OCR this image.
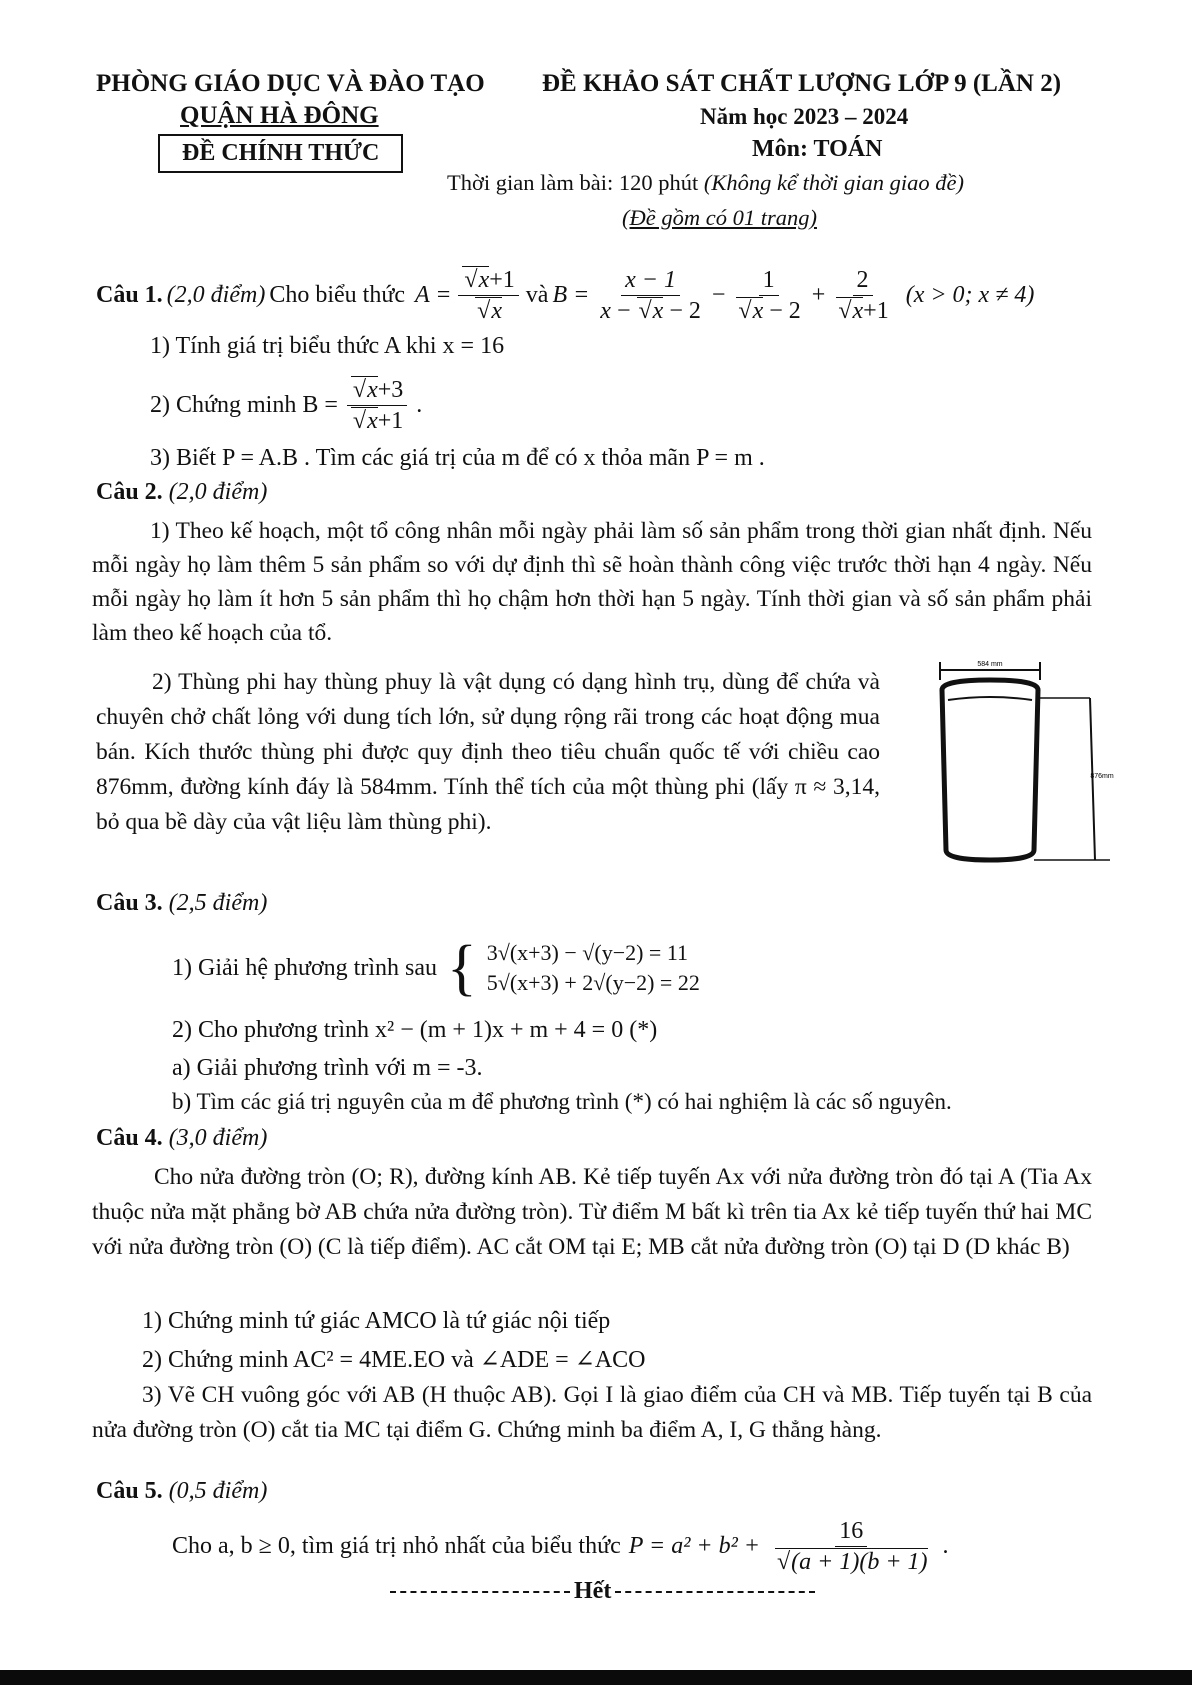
PHÒNG GIÁO DỤC VÀ ĐÀO TẠO
QUẬN HÀ ĐÔNG
ĐỀ CHÍNH THỨC
ĐỀ KHẢO SÁT CHẤT LƯỢNG LỚP 9 (LẦN 2)
Năm học 2023 – 2024
Môn: TOÁN
Thời gian làm bài: 120 phút (Không kể thời gian giao đề)
(Đề gồm có 01 trang)
Câu 1. (2,0 điểm) Cho biểu thức A = √ x+1
√ x và $B = \frac{x - 1}{x - √ x - 2} - 1$
√ x − 2 + 2
√ x+1 (x > 0; x ≠ 4)
1) Tính giá trị biểu thức A khi x = 16
2) Chứng minh B = √ x+3
√ x+1 .
3) Biết P = A.B . Tìm các giá trị của m để có x thỏa mãn P = m .
Câu 2. (2,0 điểm)
1) Theo kế hoạch, một tổ công nhân mỗi ngày phải làm số sản phẩm trong thời gian nhất định. Nếu mỗi ngày họ làm thêm 5 sản phẩm so với dự định thì sẽ hoàn thành công việc trước thời hạn 4 ngày. Nếu mỗi ngày họ làm ít hơn 5 sản phẩm thì họ chậm hơn thời hạn 5 ngày. Tính thời gian và số sản phẩm phải làm theo kế hoạch của tổ.
2) Thùng phi hay thùng phuy là vật dụng có dạng hình trụ, dùng để chứa và chuyên chở chất lỏng với dung tích lớn, sử dụng rộng rãi trong các hoạt động mua bán. Kích thước thùng phi được quy định theo tiêu chuẩn quốc tế với chiều cao 876mm, đường kính đáy là 584mm. Tính thể tích của một thùng phi (lấy π ≈ 3,14, bỏ qua bề dày của vật liệu làm thùng phi).
584 mm
876mm
Câu 3. (2,5 điểm)
1) Giải hệ phương trình sau { 3√(x+3) − √(y−2) = 11
5√(x+3) + 2√(y−2) = 22
2) Cho phương trình x² − (m + 1)x + m + 4 = 0 (*)
a) Giải phương trình với m = -3.
b) Tìm các giá trị nguyên của m để phương trình (*) có hai nghiệm là các số nguyên.
Câu 4. (3,0 điểm)
Cho nửa đường tròn (O; R), đường kính AB. Kẻ tiếp tuyến Ax với nửa đường tròn đó tại A (Tia Ax thuộc nửa mặt phẳng bờ AB chứa nửa đường tròn). Từ điểm M bất kì trên tia Ax kẻ tiếp tuyến thứ hai MC với nửa đường tròn (O) (C là tiếp điểm). AC cắt OM tại E; MB cắt nửa đường tròn (O) tại D (D khác B)
1) Chứng minh tứ giác AMCO là tứ giác nội tiếp
2) Chứng minh AC² = 4ME.EO và ∠ADE = ∠ACO
3) Vẽ CH vuông góc với AB (H thuộc AB). Gọi I là giao điểm của CH và MB. Tiếp tuyến tại B của nửa đường tròn (O) cắt tia MC tại điểm G. Chứng minh ba điểm A, I, G thẳng hàng.
Câu 5. (0,5 điểm)
Cho a, b ≥ 0, tìm giá trị nhỏ nhất của biểu thức P = a² + b² + 16
√ (a + 1)(b + 1) .
Hết
